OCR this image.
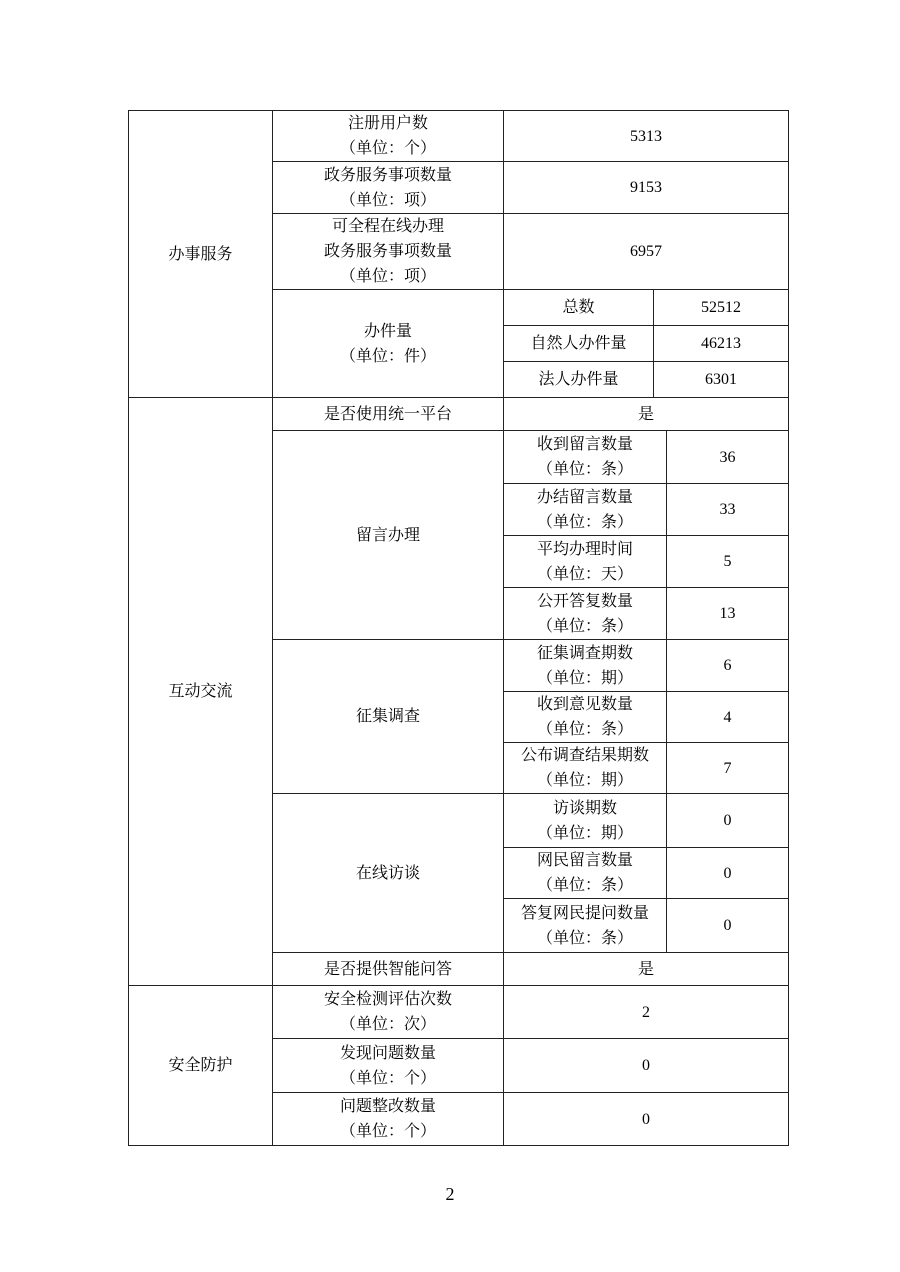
办事服务	注册用户数
（单位：个）	5313		

	政务服务事项数量
（单位：项）	9153		

	可全程在线办理
政务服务事项数量
（单位：项）	6957		

	办件量
（单位：件）	总数	52512	

		自然人办件量	46213	

		法人办件量	6301	

互动交流	是否使用统一平台	是		

	留言办理	收到留言数量
（单位：条）		36

		办结留言数量
（单位：条）		33

		平均办理时间
（单位：天）		5

		公开答复数量
（单位：条）		13

	征集调查	征集调查期数
（单位：期）		6

		收到意见数量
（单位：条）		4

		公布调查结果期数
（单位：期）		7

	在线访谈	访谈期数
（单位：期）		0

		网民留言数量
（单位：条）		0

		答复网民提问数量
（单位：条）		0

	是否提供智能问答	是		

安全防护	安全检测评估次数
（单位：次）	2		

	发现问题数量
（单位：个）	0		

	问题整改数量
（单位：个）	0		
2
